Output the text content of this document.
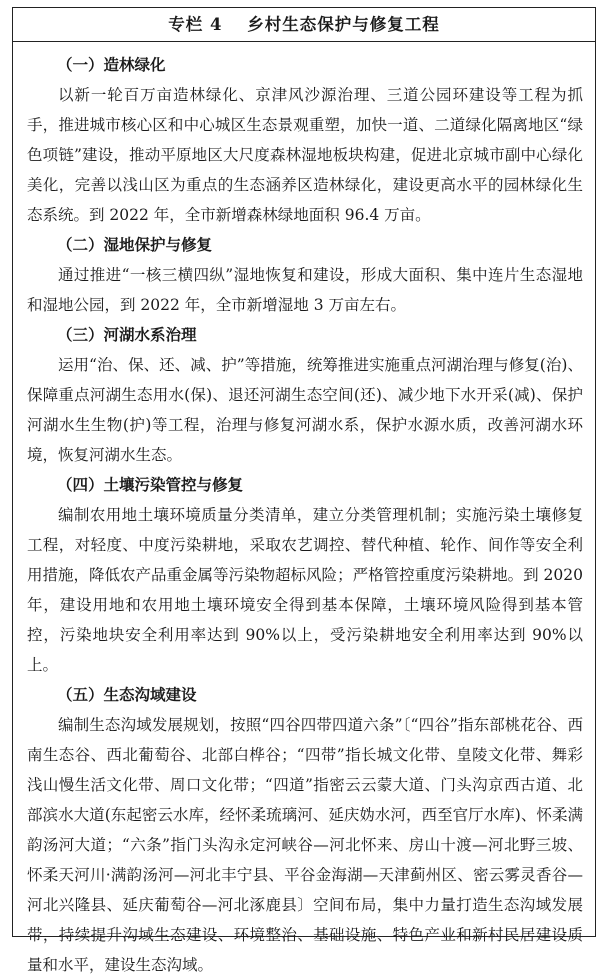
专栏 4 乡村生态保护与修复工程

（一）造林绿化

以新一轮百万亩造林绿化、京津风沙源治理、三道公园环建设等工程为抓手，推进城市核心区和中心城区生态景观重塑，加快一道、二道绿化隔离地区“绿色项链”建设，推动平原地区大尺度森林湿地板块构建，促进北京城市副中心绿化美化，完善以浅山区为重点的生态涵养区造林绿化，建设更高水平的园林绿化生态系统。到 2022 年，全市新增森林绿地面积 96.4 万亩。

（二）湿地保护与修复

通过推进“一核三横四纵”湿地恢复和建设，形成大面积、集中连片生态湿地和湿地公园，到 2022 年，全市新增湿地 3 万亩左右。

（三）河湖水系治理

运用“治、保、还、减、护”等措施，统筹推进实施重点河湖治理与修复(治)、保障重点河湖生态用水(保)、退还河湖生态空间(还)、减少地下水开采(减)、保护河湖水生生物(护)等工程，治理与修复河湖水系，保护水源水质，改善河湖水环境，恢复河湖水生态。

（四）土壤污染管控与修复

编制农用地土壤环境质量分类清单，建立分类管理机制；实施污染土壤修复工程，对轻度、中度污染耕地，采取农艺调控、替代种植、轮作、间作等安全利用措施，降低农产品重金属等污染物超标风险；严格管控重度污染耕地。到 2020 年，建设用地和农用地土壤环境安全得到基本保障，土壤环境风险得到基本管控，污染地块安全利用率达到 90%以上，受污染耕地安全利用率达到 90%以上。

（五）生态沟域建设

编制生态沟域发展规划，按照“四谷四带四道六条”〔“四谷”指东部桃花谷、西南生态谷、西北葡萄谷、北部白桦谷；“四带”指长城文化带、皇陵文化带、舞彩浅山慢生活文化带、周口文化带；“四道”指密云云蒙大道、门头沟京西古道、北部滨水大道(东起密云水库，经怀柔琉璃河、延庆妫水河，西至官厅水库)、怀柔满韵汤河大道；“六条”指门头沟永定河峡谷—河北怀来、房山十渡—河北野三坡、怀柔天河川·满韵汤河—河北丰宁县、平谷金海湖—天津蓟州区、密云雾灵香谷—河北兴隆县、延庆葡萄谷—河北涿鹿县〕空间布局，集中力量打造生态沟域发展带，持续提升沟域生态建设、环境整治、基础设施、特色产业和新村民居建设质量和水平，建设生态沟域。
